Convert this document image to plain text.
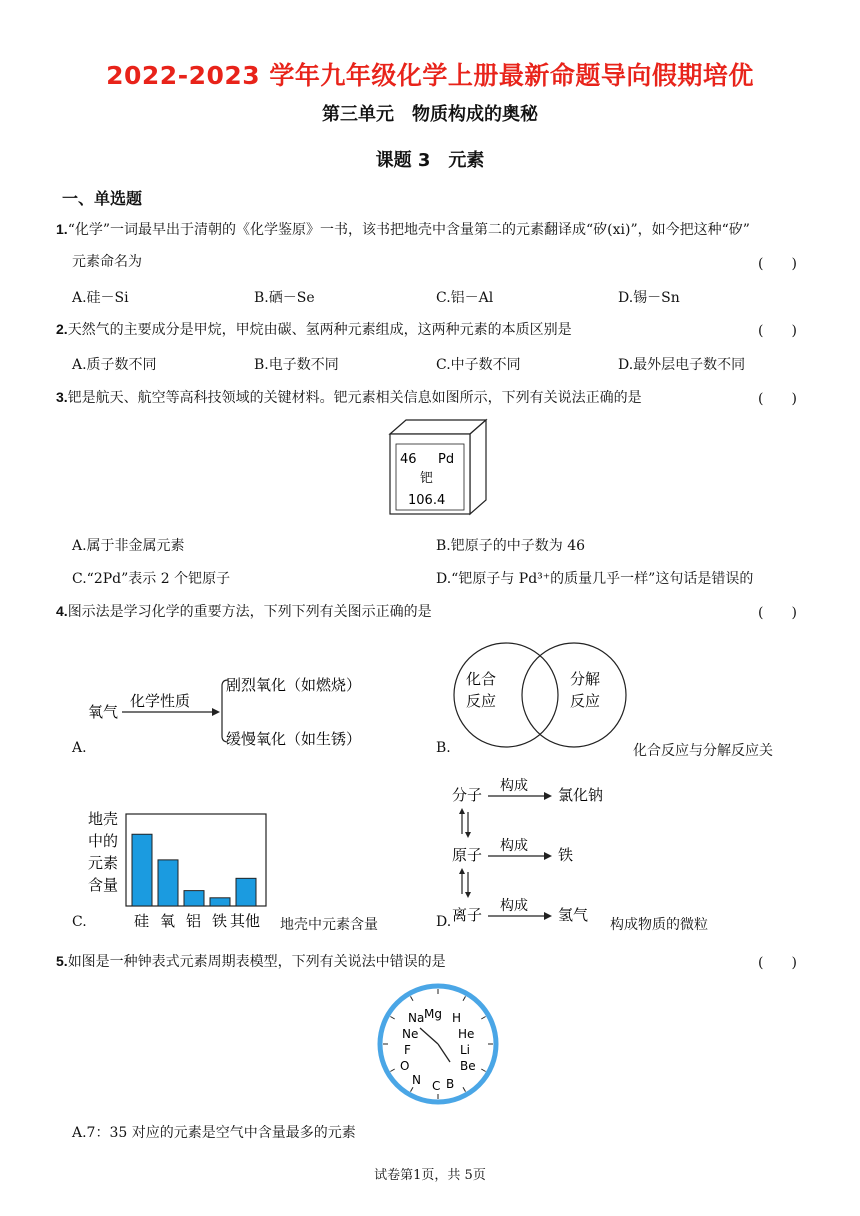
2022-2023 学年九年级化学上册最新命题导向假期培优
第三单元　物质构成的奥秘
课题 3　元素
一、单选题
1.“化学”一词最早出于清朝的《化学鉴原》一书，该书把地壳中含量第二的元素翻译成“矽(xi)”，如今把这种“矽”
元素命名为	(　　)
A.硅－Si	B.硒－Se	C.铝－Al	D.锡－Sn
2.天然气的主要成分是甲烷，甲烷由碳、氢两种元素组成，这两种元素的本质区别是	(　　)
A.质子数不同	B.电子数不同	C.中子数不同	D.最外层电子数不同
3.钯是航天、航空等高科技领域的关键材料。钯元素相关信息如图所示，下列有关说法正确的是	(　　)
46 Pd
钯
106.4
A.属于非金属元素	B.钯原子的中子数为 46
C.“2Pd”表示 2 个钯原子	D.“钯原子与 Pd³⁺的质量几乎一样”这句话是错误的
4.图示法是学习化学的重要方法，下列下列有关图示正确的是	(　　)
A.
氧气
化学性质
剧烈氧化（如燃烧）
缓慢氧化（如生锈）	B.
化合
反应
分解
反应
化合反应与分解反应关
C.
地壳
中的
元素
含量
硅 氧 铝 铁 其他 地壳中元素含量	D.
分子 构成 氯化钠
原子 构成 铁
离子 构成 氢气
构成物质的微粒
5.如图是一种钟表式元素周期表模型，下列有关说法中错误的是	(　　)
Na Mg H
He
Ne
Li
F
Be
O
N C B
A.7：35 对应的元素是空气中含量最多的元素
试卷第1页，共 5页
